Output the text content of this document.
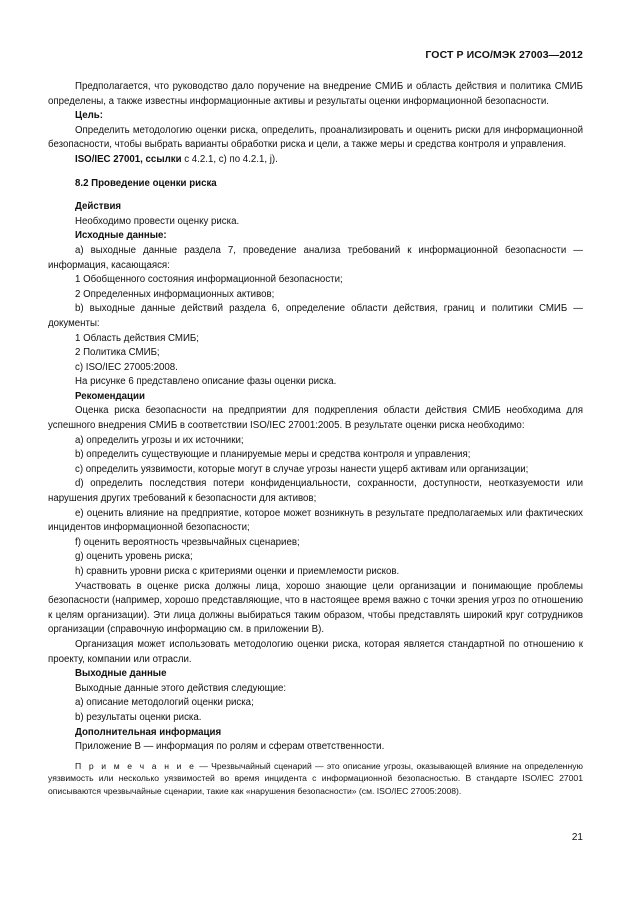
ГОСТ Р ИСО/МЭК 27003—2012

Предполагается, что руководство дало поручение на внедрение СМИБ и область действия и политика СМИБ определены, а также известны информационные активы и результаты оценки информационной безопасности.

Цель:

Определить методологию оценки риска, определить, проанализировать и оценить риски для информационной безопасности, чтобы выбрать варианты обработки риска и цели, а также меры и средства контроля и управления.

ISO/IEC 27001, ссылки с 4.2.1, с) по 4.2.1, j).

8.2 Проведение оценки риска

Действия

Необходимо провести оценку риска.

Исходные данные:

а) выходные данные раздела 7, проведение анализа требований к информационной безопасности — информация, касающаяся:

1 Обобщенного состояния информационной безопасности;

2 Определенных информационных активов;

b) выходные данные действий раздела 6, определение области действия, границ и политики СМИБ — документы:

1 Область действия СМИБ;

2 Политика СМИБ;

с) ISO/IEC 27005:2008.

На рисунке 6 представлено описание фазы оценки риска.

Рекомендации

Оценка риска безопасности на предприятии для подкрепления области действия СМИБ необходима для успешного внедрения СМИБ в соответствии ISO/IEC 27001:2005. В результате оценки риска необходимо:

a) определить угрозы и их источники;

b) определить существующие и планируемые меры и средства контроля и управления;

c) определить уязвимости, которые могут в случае угрозы нанести ущерб активам или организации;

d) определить последствия потери конфиденциальности, сохранности, доступности, неотказуемости или нарушения других требований к безопасности для активов;

e) оценить влияние на предприятие, которое может возникнуть в результате предполагаемых или фактических инцидентов информационной безопасности;

f) оценить вероятность чрезвычайных сценариев;

g) оценить уровень риска;

h) сравнить уровни риска с критериями оценки и приемлемости рисков.

Участвовать в оценке риска должны лица, хорошо знающие цели организации и понимающие проблемы безопасности (например, хорошо представляющие, что в настоящее время важно с точки зрения угроз по отношению к целям организации). Эти лица должны выбираться таким образом, чтобы представлять широкий круг сотрудников организации (справочную информацию см. в приложении В).

Организация может использовать методологию оценки риска, которая является стандартной по отношению к проекту, компании или отрасли.

Выходные данные

Выходные данные этого действия следующие:

а) описание методологий оценки риска;

b) результаты оценки риска.

Дополнительная информация

Приложение В — информация по ролям и сферам ответственности.

П р и м е ч а н и е — Чрезвычайный сценарий — это описание угрозы, оказывающей влияние на определенную уязвимость или несколько уязвимостей во время инцидента с информационной безопасностью. В стандарте ISO/IEC 27001 описываются чрезвычайные сценарии, такие как «нарушения безопасности» (см. ISO/IEC 27005:2008).

21
